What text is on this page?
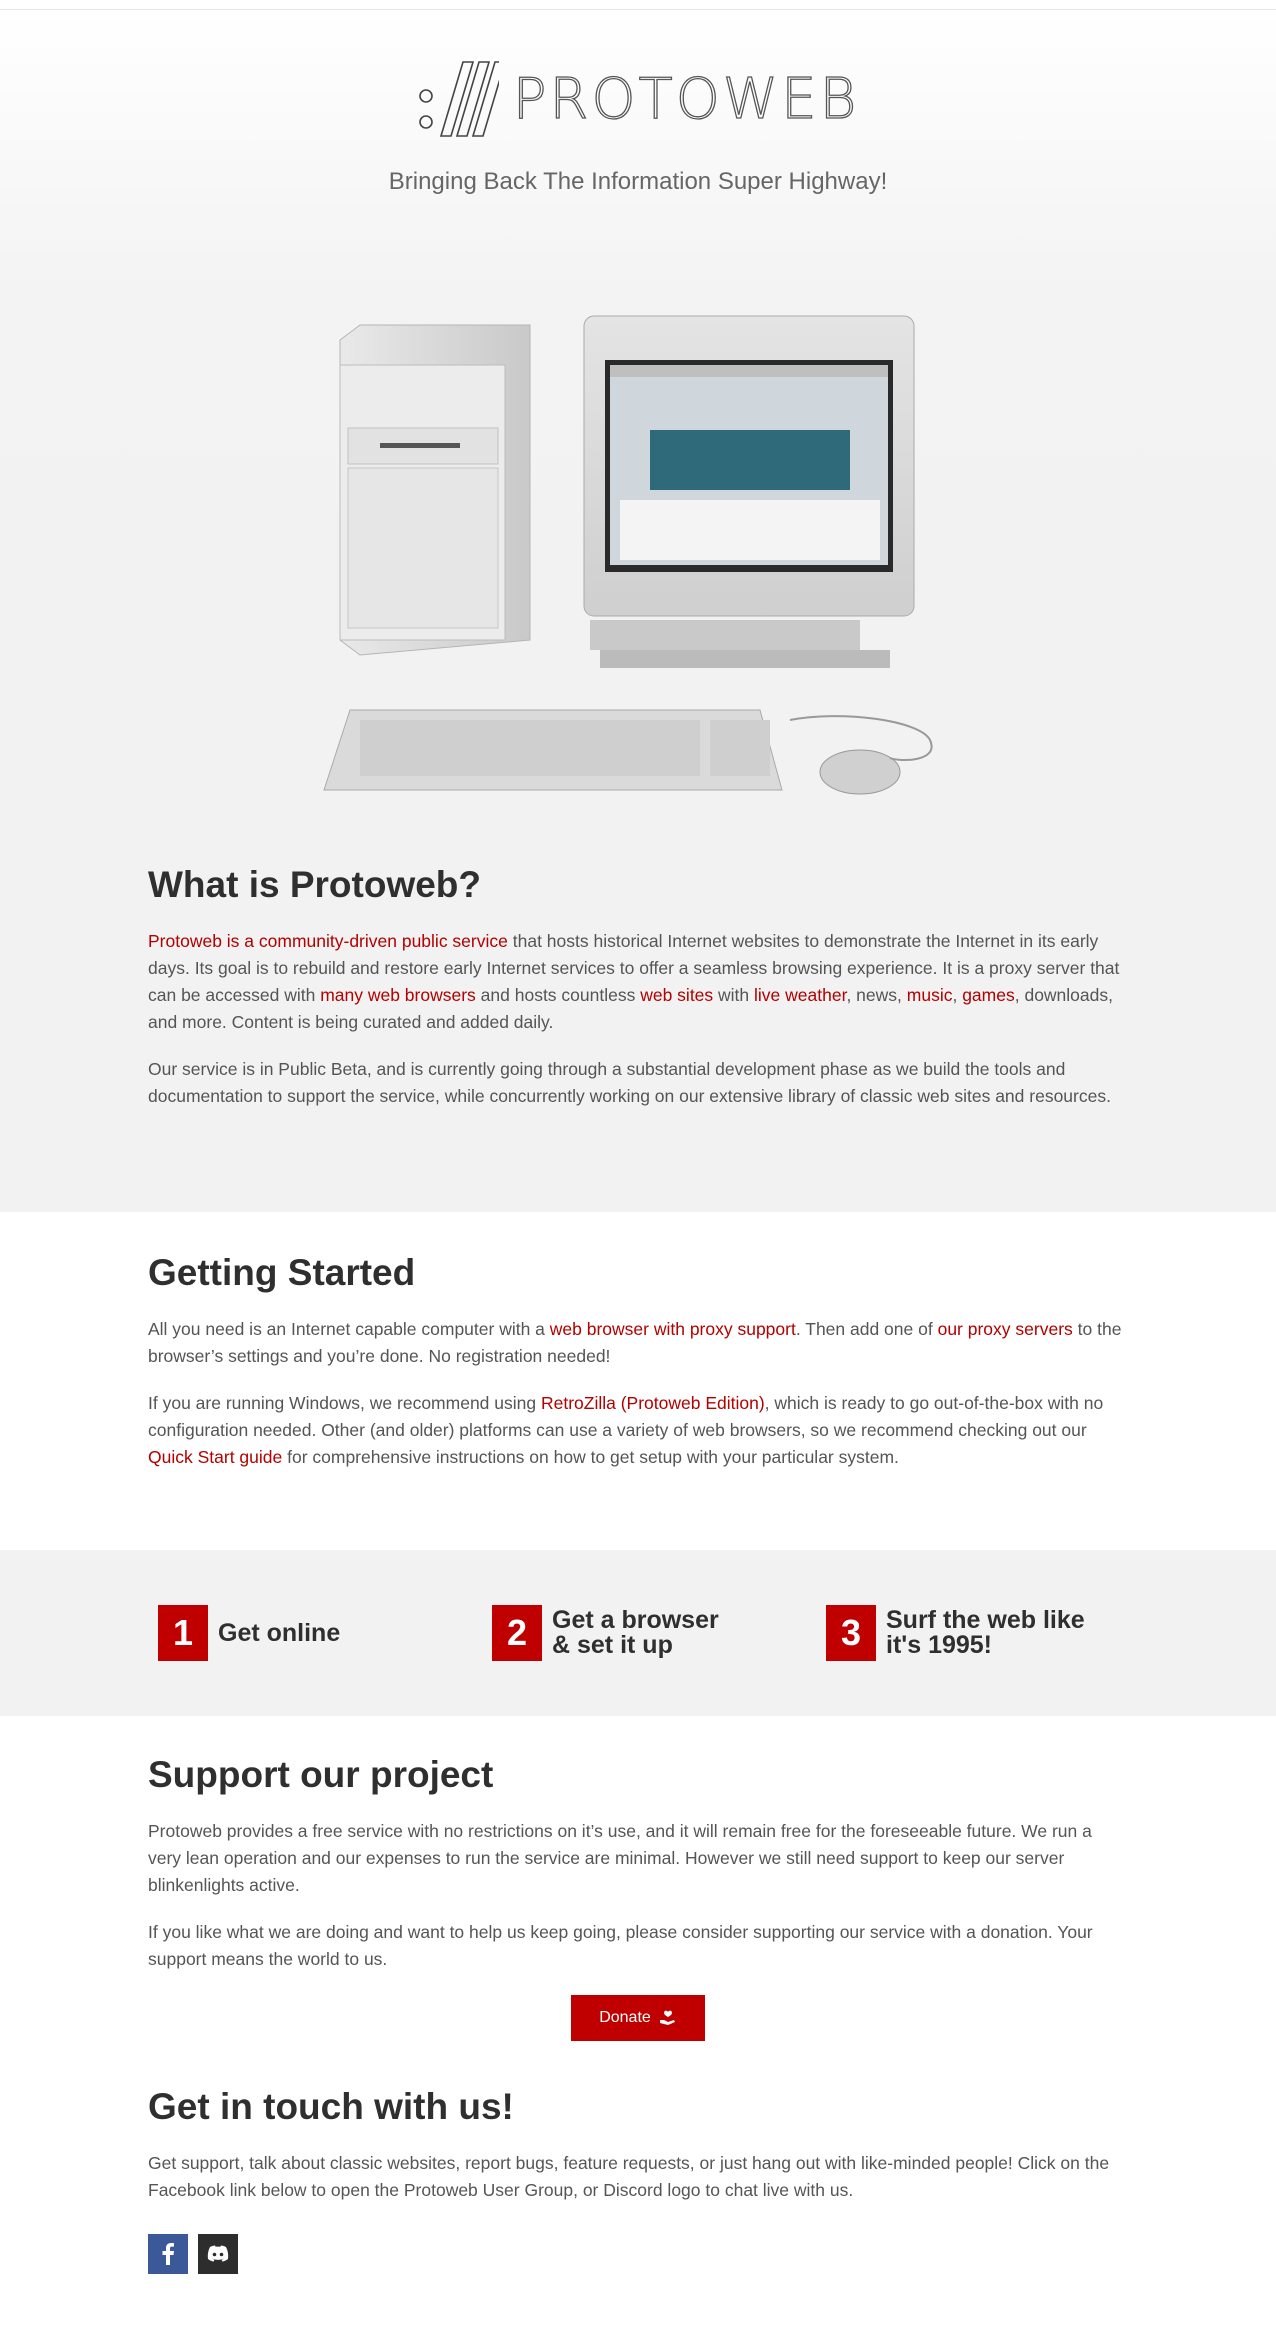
PROTOWEB
Bringing Back The Information Super Highway!
What is Protoweb?

Protoweb is a community-driven public service that hosts historical Internet websites to demonstrate the Internet in its early days. Its goal is to rebuild and restore early Internet services to offer a seamless browsing experience. It is a proxy server that can be accessed with many web browsers and hosts countless web sites with live weather, news, music, games, downloads, and more. Content is being curated and added daily.

Our service is in Public Beta, and is currently going through a substantial development phase as we build the tools and documentation to support the service, while concurrently working on our extensive library of classic web sites and resources.

Getting Started

All you need is an Internet capable computer with a web browser with proxy support. Then add one of our proxy servers to the browser’s settings and you’re done. No registration needed!

If you are running Windows, we recommend using RetroZilla (Protoweb Edition), which is ready to go out-of-the-box with no configuration needed. Other (and older) platforms can use a variety of web browsers, so we recommend checking out our Quick Start guide for comprehensive instructions on how to get setup with your particular system.

1 Get online	2 Get a browser
& set it up	3 Surf the web like
it's 1995!
Support our project

Protoweb provides a free service with no restrictions on it’s use, and it will remain free for the foreseeable future. We run a very lean operation and our expenses to run the service are minimal. However we still need support to keep our server blinkenlights active.

If you like what we are doing and want to help us keep going, please consider supporting our service with a donation. Your support means the world to us.

Donate
Get in touch with us!

Get support, talk about classic websites, report bugs, feature requests, or just hang out with like-minded people! Click on the Facebook link below to open the Protoweb User Group, or Discord logo to chat live with us.
